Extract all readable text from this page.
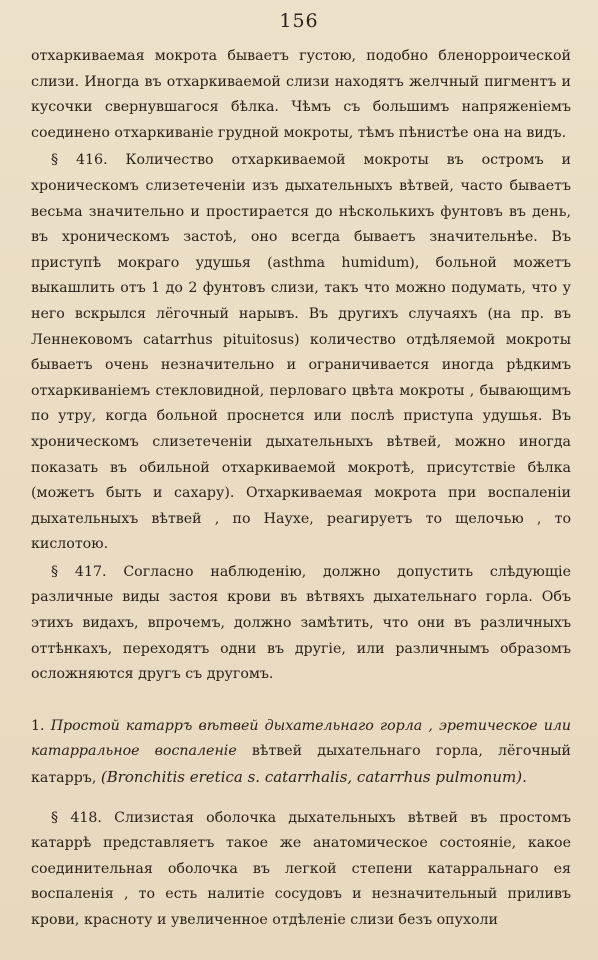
156

отхаркиваемая мокрота бываетъ густою, подобно бленорроической слизи. Иногда въ отхаркиваемой слизи находятъ желчный пигментъ и кусочки свернувшагося бѣлка. Чѣмъ съ большимъ напряженіемъ соединено отхаркиваніе грудной мокроты, тѣмъ пѣнистѣе она на видъ.

§ 416. Количество отхаркиваемой мокроты въ остромъ и хроническомъ слизетеченіи изъ дыхательныхъ вѣтвей, часто бываетъ весьма значительно и простирается до нѣсколькихъ фунтовъ въ день, въ хроническомъ застоѣ, оно всегда бываетъ значительнѣе. Въ приступѣ мокраго удушья (asthma humidum), больной можетъ выкашлить отъ 1 до 2 фунтовъ слизи, такъ что можно подумать, что у него вскрылся лёгочный нарывъ. Въ другихъ случаяхъ (на пр. въ Леннековомъ catarrhus pituitosus) количество отдѣляемой мокроты бываетъ очень незначительно и ограничивается иногда рѣдкимъ отхаркиваніемъ стекловидной, перловаго цвѣта мокроты , бывающимъ по утру, когда больной проснется или послѣ приступа удушья. Въ хроническомъ слизетеченіи дыхательныхъ вѣтвей, можно иногда показать въ обильной отхаркиваемой мокротѣ, присутствіе бѣлка (можетъ быть и сахару). Отхаркиваемая мокрота при воспаленіи дыхательныхъ вѣтвей , по Наухе, реагируетъ то щелочью , то кислотою.

§ 417. Согласно наблюденію, должно допустить слѣдующіе различные виды застоя крови въ вѣтвяхъ дыхательнаго горла. Объ этихъ видахъ, впрочемъ, должно замѣтить, что они въ различныхъ оттѣнкахъ, переходятъ одни въ другіе, или различнымъ образомъ осложняются другъ съ другомъ.

1. Простой катарръ вѣтвей дыхательнаго горла , эретическое или катарральное воспаленіе вѣтвей дыхательнаго горла, лёгочный катарръ, (Bronchitis eretica s. catarrhalis, catarrhus pulmonum).

§ 418. Слизистая оболочка дыхательныхъ вѣтвей въ простомъ катаррѣ представляетъ такое же анатомическое состояніе, какое соединительная оболочка въ легкой степени катарральнаго ея воспаленія , то есть налитіе сосудовъ и незначительный приливъ крови, красноту и увеличенное отдѣленіе слизи безъ опухоли
